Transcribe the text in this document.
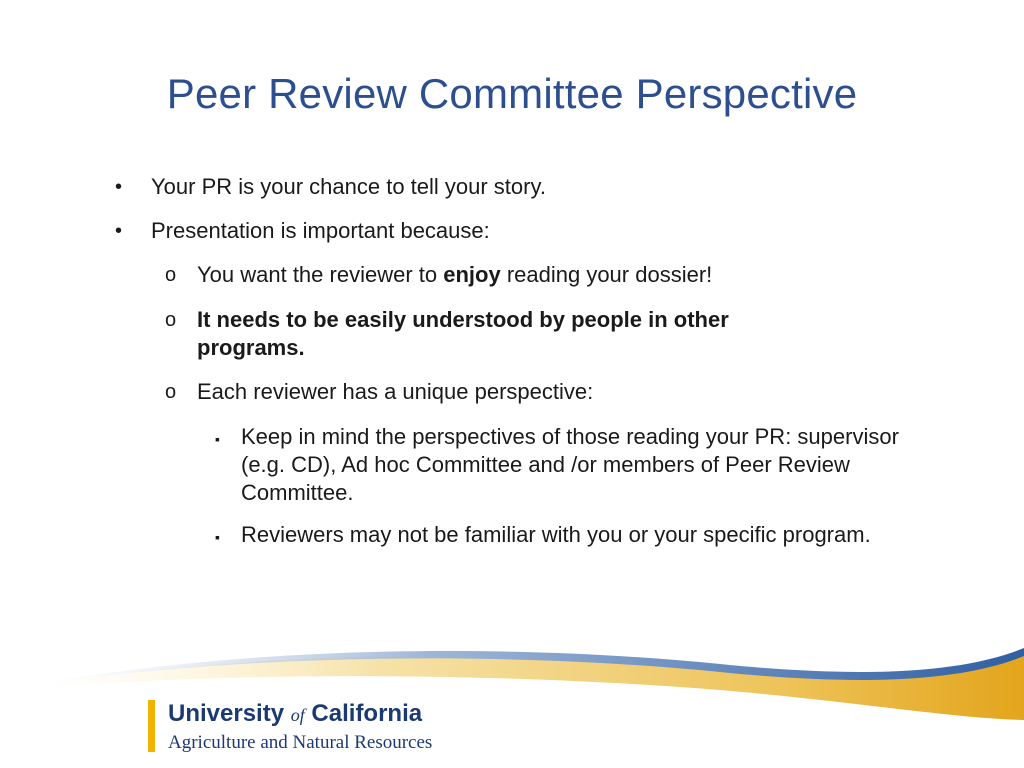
Peer Review Committee Perspective
• Your PR is your chance to tell your story.
• Presentation is important because:
o You want the reviewer to enjoy reading your dossier!
o It needs to be easily understood by people in other programs.
o Each reviewer has a unique perspective:
▪ Keep in mind the perspectives of those reading your PR: supervisor (e.g. CD), Ad hoc Committee and /or members of Peer Review Committee.
▪ Reviewers may not be familiar with you or your specific program.
University of California
Agriculture and Natural Resources
